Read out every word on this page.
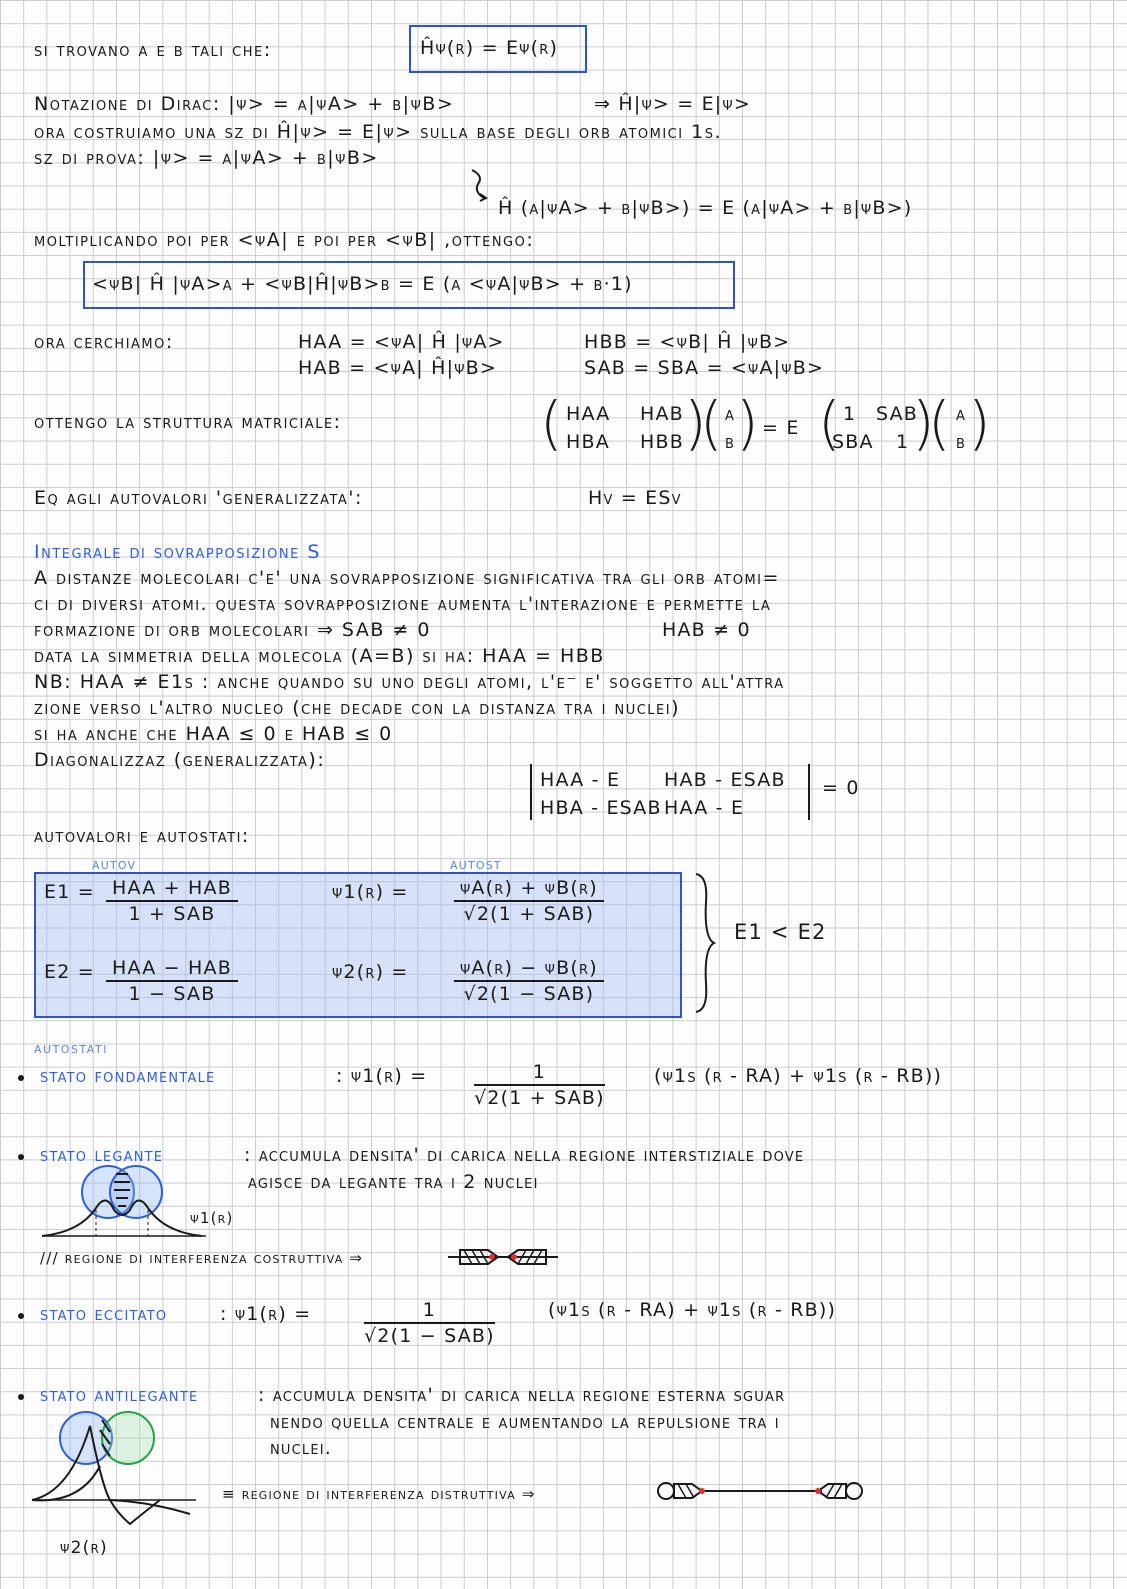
si trovano a e b tali che:	Ĥψ(r) = Eψ(r)
Notazione di Dirac: |ψ> = a|ψA> + b|ψB>	⇒ Ĥ|ψ> = E|ψ>
ora costruiamo una sz di Ĥ|ψ> = E|ψ> sulla base degli orb atomici 1s.
sz di prova: |ψ> = a|ψA> + b|ψB>
Ĥ (a|ψA> + b|ψB>) = E (a|ψA> + b|ψB>)
moltiplicando poi per <ψA| e poi per <ψB| ,ottengo:
<ψB| Ĥ |ψA>a + <ψB|Ĥ|ψB>b = E (a <ψA|ψB> + b·1)
ora cerchiamo:	HAA = <ψA| Ĥ |ψA>	HBB = <ψB| Ĥ |ψB>
HAB = <ψA| Ĥ|ψB>	SAB = SBA = <ψA|ψB>
ottengo la struttura matriciale:	( HAA HAB
HBA HBB )
( a
b ) = E ( 1 SAB
SBA 1 )
( a
b )
Eq agli autovalori 'generalizzata':	Hv = ESv
Integrale di sovrapposizione S
A distanze molecolari c'e' una sovrapposizione significativa tra gli orb atomi=
ci di diversi atomi. questa sovrapposizione aumenta l'interazione e permette la
formazione di orb molecolari ⇒ SAB ≠ 0	HAB ≠ 0
data la simmetria della molecola (A=B) si ha: HAA = HBB
NB: HAA ≠ E1s : anche quando su uno degli atomi, l'e⁻ e' soggetto all'attra
zione verso l'altro nucleo (che decade con la distanza tra i nuclei)
si ha anche che HAA ≤ 0 e HAB ≤ 0
Diagonalizzaz (generalizzata):
HAA - E HAB - ESAB
HBA - ESAB HAA - E
= 0
autovalori e autostati:
autov	autost
E1 = HAA + HAB
1 + SAB
ψ1(r) =	ψA(r) + ψB(r)
√2(1 + SAB)
E2 = HAA − HAB
1 − SAB
ψ2(r) =	ψA(r) − ψB(r)
√2(1 − SAB)
E1 < E2
autostati
stato fondamentale	: ψ1(r) =	1
√2(1 + SAB)
(ψ1s (r - RA) + ψ1s (r - RB))
stato legante	: accumula densita' di carica nella regione interstiziale dove
agisce da legante tra i 2 nuclei
ψ1(r)
/// regione di interferenza costruttiva ⇒
stato eccitato	: ψ1(r) =	1
√2(1 − SAB)
(ψ1s (r - RA) + ψ1s (r - RB))
stato antilegante	: accumula densita' di carica nella regione esterna sguar
nendo quella centrale e aumentando la repulsione tra i
nuclei.
ψ2(r)
≡ regione di interferenza distruttiva ⇒
